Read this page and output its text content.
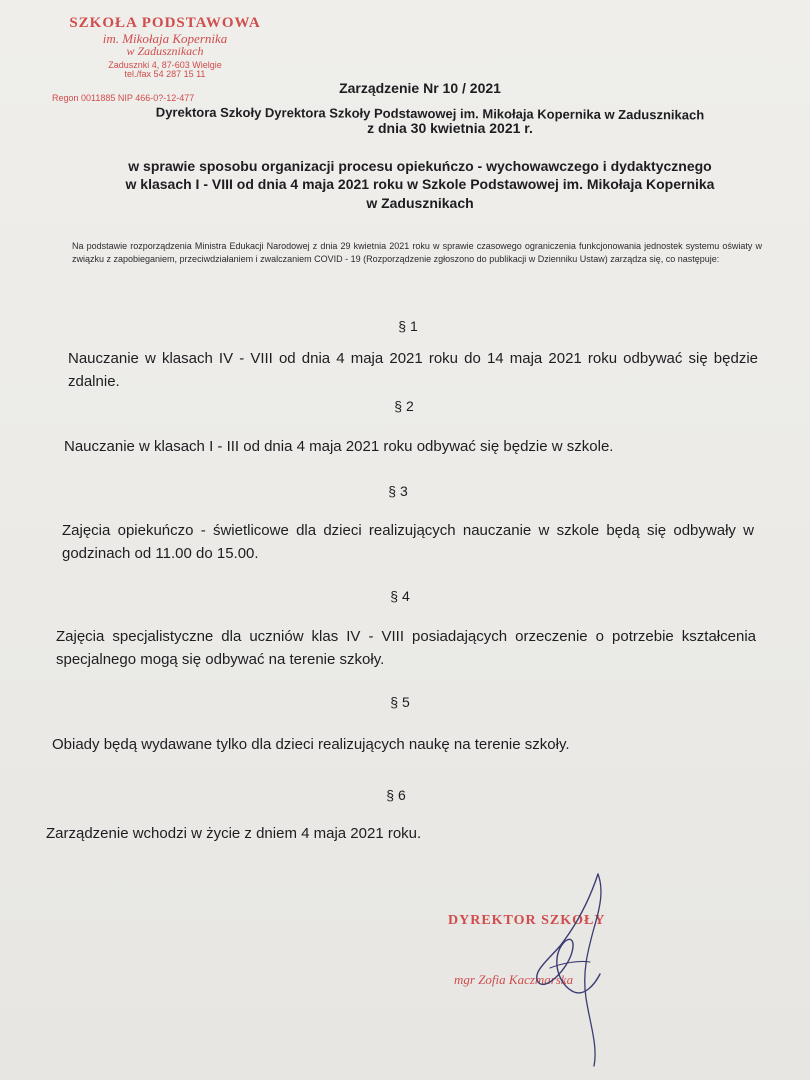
SZKOŁA PODSTAWOWA
im. Mikołaja Kopernika
w Zadusznikach
Zadusznki 4, 87-603 Wielgie
tel./fax 54 287 15 11
Regon 0011885 NIP 466-0?-12-477
Zarządzenie Nr 10 / 2021
Dyrektora Szkoły Dyrektora Szkoły Podstawowej im. Mikołaja Kopernika w Zadusznikach
z dnia 30 kwietnia 2021 r.
w sprawie sposobu organizacji procesu opiekuńczo - wychowawczego i dydaktycznego
w klasach I - VIII od dnia 4 maja 2021 roku w Szkole Podstawowej im. Mikołaja Kopernika
w Zadusznikach
Na podstawie rozporządzenia Ministra Edukacji Narodowej z dnia 29 kwietnia 2021 roku w sprawie czasowego ograniczenia funkcjonowania jednostek systemu oświaty w związku z zapobieganiem, przeciwdziałaniem i zwalczaniem COVID - 19 (Rozporządzenie zgłoszono do publikacji w Dzienniku Ustaw) zarządza się, co następuje:
§ 1
Nauczanie w klasach IV - VIII od dnia 4 maja 2021 roku do 14 maja 2021 roku odbywać się będzie zdalnie.
§ 2
Nauczanie w klasach I - III od dnia 4 maja 2021 roku odbywać się będzie w szkole.
§ 3
Zajęcia opiekuńczo - świetlicowe dla dzieci realizujących nauczanie w szkole będą się odbywały w godzinach od 11.00 do 15.00.
§ 4
Zajęcia specjalistyczne dla uczniów klas IV - VIII posiadających orzeczenie o potrzebie kształcenia specjalnego mogą się odbywać na terenie szkoły.
§ 5
Obiady będą wydawane tylko dla dzieci realizujących naukę na terenie szkoły.
§ 6
Zarządzenie wchodzi w życie z dniem 4 maja 2021 roku.
DYREKTOR SZKOŁY
mgr Zofia Kaczmarska
